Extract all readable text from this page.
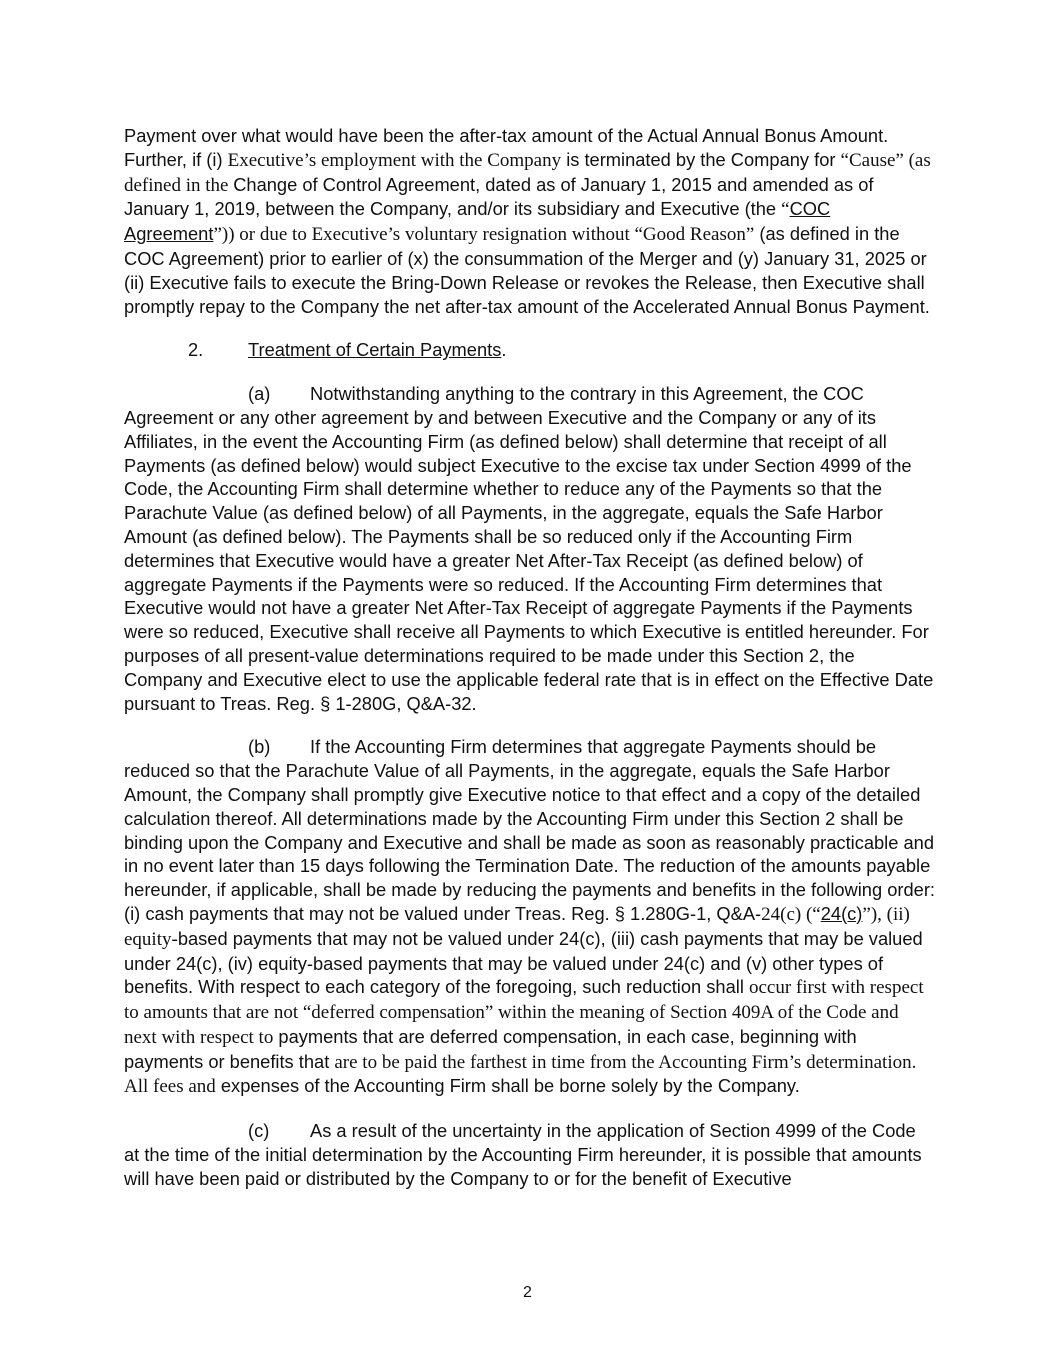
Payment over what would have been the after-tax amount of the Actual Annual Bonus Amount. Further, if (i) Executive’s employment with the Company is terminated by the Company for “Cause” (as defined in the Change of Control Agreement, dated as of January 1, 2015 and amended as of January 1, 2019, between the Company, and/or its subsidiary and Executive (the “COC Agreement”)) or due to Executive’s voluntary resignation without “Good Reason” (as defined in the COC Agreement) prior to earlier of (x) the consummation of the Merger and (y) January 31, 2025 or (ii) Executive fails to execute the Bring-Down Release or revokes the Release, then Executive shall promptly repay to the Company the net after-tax amount of the Accelerated Annual Bonus Payment.

2. Treatment of Certain Payments.

(a) Notwithstanding anything to the contrary in this Agreement, the COC Agreement or any other agreement by and between Executive and the Company or any of its Affiliates, in the event the Accounting Firm (as defined below) shall determine that receipt of all Payments (as defined below) would subject Executive to the excise tax under Section 4999 of the Code, the Accounting Firm shall determine whether to reduce any of the Payments so that the Parachute Value (as defined below) of all Payments, in the aggregate, equals the Safe Harbor Amount (as defined below). The Payments shall be so reduced only if the Accounting Firm determines that Executive would have a greater Net After-Tax Receipt (as defined below) of aggregate Payments if the Payments were so reduced. If the Accounting Firm determines that Executive would not have a greater Net After-Tax Receipt of aggregate Payments if the Payments were so reduced, Executive shall receive all Payments to which Executive is entitled hereunder. For purposes of all present-value determinations required to be made under this Section 2, the Company and Executive elect to use the applicable federal rate that is in effect on the Effective Date pursuant to Treas. Reg. § 1-280G, Q&A-32.

(b) If the Accounting Firm determines that aggregate Payments should be reduced so that the Parachute Value of all Payments, in the aggregate, equals the Safe Harbor Amount, the Company shall promptly give Executive notice to that effect and a copy of the detailed calculation thereof. All determinations made by the Accounting Firm under this Section 2 shall be binding upon the Company and Executive and shall be made as soon as reasonably practicable and in no event later than 15 days following the Termination Date. The reduction of the amounts payable hereunder, if applicable, shall be made by reducing the payments and benefits in the following order: (i) cash payments that may not be valued under Treas. Reg. § 1.280G-1, Q&A-24(c) (“24(c)”), (ii) equity-based payments that may not be valued under 24(c), (iii) cash payments that may be valued under 24(c), (iv) equity-based payments that may be valued under 24(c) and (v) other types of benefits. With respect to each category of the foregoing, such reduction shall occur first with respect to amounts that are not “deferred compensation” within the meaning of Section 409A of the Code and next with respect to payments that are deferred compensation, in each case, beginning with payments or benefits that are to be paid the farthest in time from the Accounting Firm’s determination. All fees and expenses of the Accounting Firm shall be borne solely by the Company.

(c) As a result of the uncertainty in the application of Section 4999 of the Code at the time of the initial determination by the Accounting Firm hereunder, it is possible that amounts will have been paid or distributed by the Company to or for the benefit of Executive

2
